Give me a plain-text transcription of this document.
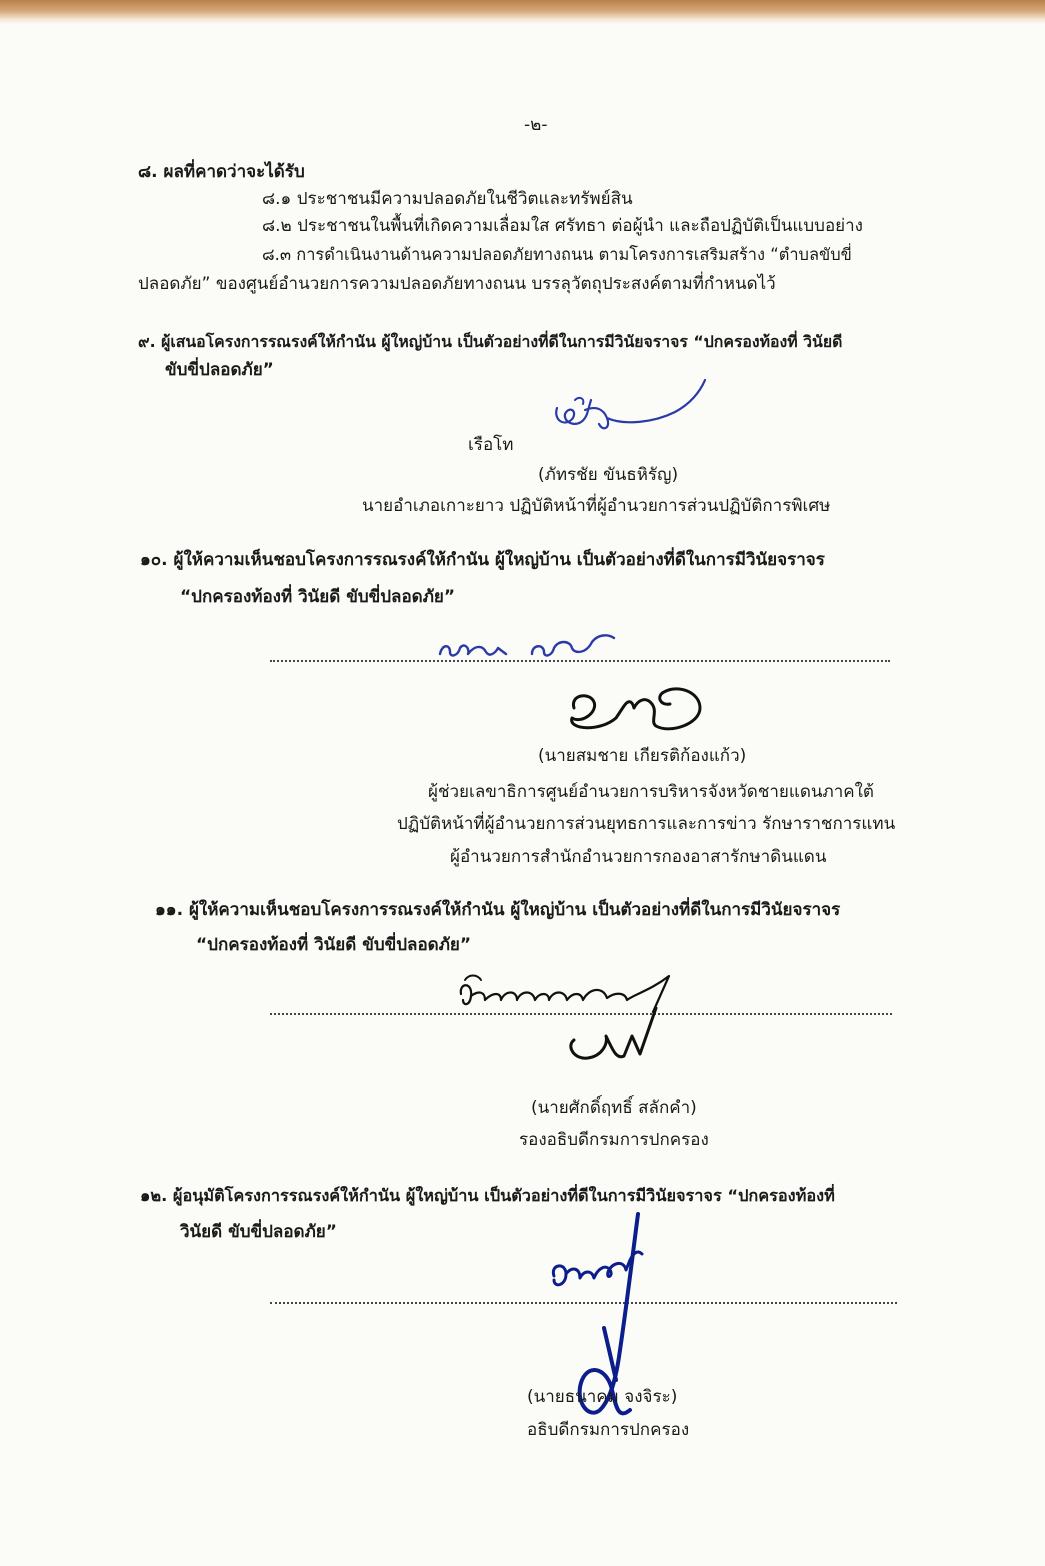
-๒-
๘. ผลที่คาดว่าจะได้รับ
๘.๑ ประชาชนมีความปลอดภัยในชีวิตและทรัพย์สิน
๘.๒ ประชาชนในพื้นที่เกิดความเลื่อมใส ศรัทธา ต่อผู้นำ และถือปฏิบัติเป็นแบบอย่าง
๘.๓ การดำเนินงานด้านความปลอดภัยทางถนน ตามโครงการเสริมสร้าง “ตำบลขับขี่
ปลอดภัย” ของศูนย์อำนวยการความปลอดภัยทางถนน บรรลุวัตถุประสงค์ตามที่กำหนดไว้
๙. ผู้เสนอโครงการรณรงค์ให้กำนัน ผู้ใหญ่บ้าน เป็นตัวอย่างที่ดีในการมีวินัยจราจร “ปกครองท้องที่ วินัยดี
ขับขี่ปลอดภัย”
เรือโท
(ภัทรชัย ขันธหิรัญ)
นายอำเภอเกาะยาว ปฏิบัติหน้าที่ผู้อำนวยการส่วนปฏิบัติการพิเศษ
๑๐. ผู้ให้ความเห็นชอบโครงการรณรงค์ให้กำนัน ผู้ใหญ่บ้าน เป็นตัวอย่างที่ดีในการมีวินัยจราจร
“ปกครองท้องที่ วินัยดี ขับขี่ปลอดภัย”
(นายสมชาย เกียรติก้องแก้ว)
ผู้ช่วยเลขาธิการศูนย์อำนวยการบริหารจังหวัดชายแดนภาคใต้
ปฏิบัติหน้าที่ผู้อำนวยการส่วนยุทธการและการข่าว รักษาราชการแทน
ผู้อำนวยการสำนักอำนวยการกองอาสารักษาดินแดน
๑๑. ผู้ให้ความเห็นชอบโครงการรณรงค์ให้กำนัน ผู้ใหญ่บ้าน เป็นตัวอย่างที่ดีในการมีวินัยจราจร
“ปกครองท้องที่ วินัยดี ขับขี่ปลอดภัย”
(นายศักดิ์ฤทธิ์ สลักคำ)
รองอธิบดีกรมการปกครอง
๑๒. ผู้อนุมัติโครงการรณรงค์ให้กำนัน ผู้ใหญ่บ้าน เป็นตัวอย่างที่ดีในการมีวินัยจราจร “ปกครองท้องที่
วินัยดี ขับขี่ปลอดภัย”
(นายธนาคม จงจิระ)
อธิบดีกรมการปกครอง
